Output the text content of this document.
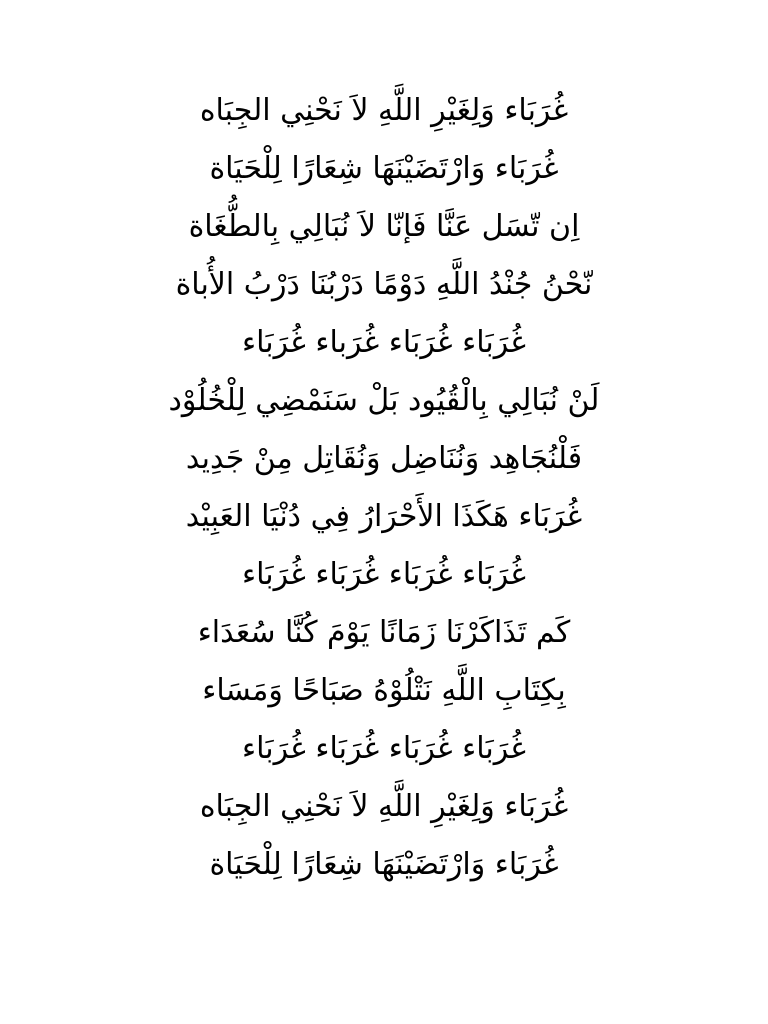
غُرَبَاء وَلِغَيْرِ اللَّهِ لاَ نَحْنِي الجِبَاه
غُرَبَاء وَارْتَضَيْنَهَا شِعَارًا لِلْحَيَاة
اِن تّسَل عَنَّا فَإنّا لاَ نُبَالِي بِالطُّغَاة
نّحْنُ جُنْدُ اللَّهِ دَوْمًا دَرْبُنَا دَرْبُ الأُباة
غُرَبَاء غُرَبَاء غُرَباء غُرَبَاء
لَنْ نُبَالِي بِالْقُيُود بَلْ سَنَمْضِي لِلْخُلُوْد
فَلْنُجَاهِد وَنُنَاضِل وَنُقَاتِل مِنْ جَدِيد
غُرَبَاء هَكَذَا الأَحْرَارُ فِي دُنْيَا العَبِيْد
غُرَبَاء غُرَبَاء غُرَبَاء غُرَبَاء
كَم تَذَاكَرْنَا زَمَانًا يَوْمَ كُنَّا سُعَدَاء
بِكِتَابِ اللَّهِ نَتْلُوْهُ صَبَاحًا وَمَسَاء
غُرَبَاء غُرَبَاء غُرَبَاء غُرَبَاء
غُرَبَاء وَلِغَيْرِ اللَّهِ لاَ نَحْنِي الجِبَاه
غُرَبَاء وَارْتَضَيْنَهَا شِعَارًا لِلْحَيَاة
